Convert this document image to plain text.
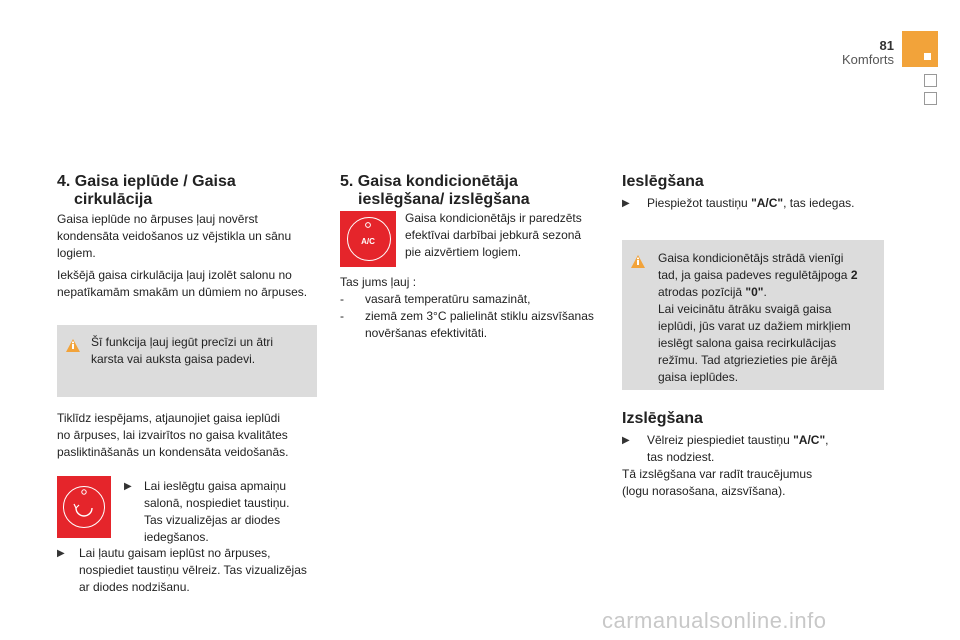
81
Komforts
4. Gaisa ieplūde / Gaisa
cirkulācija
Gaisa ieplūde no ārpuses ļauj novērst
kondensāta veidošanos uz vējstikla un sānu
logiem.
Iekšējā gaisa cirkulācija ļauj izolēt salonu no
nepatīkamām smakām un dūmiem no ārpuses.
Šī funkcija ļauj iegūt precīzi un ātri
karsta vai auksta gaisa padevi.
Tiklīdz iespējams, atjaunojiet gaisa ieplūdi
no ārpuses, lai izvairītos no gaisa kvalitātes
pasliktināšanās un kondensāta veidošanās.
▶ Lai ieslēgtu gaisa apmaiņu
salonā, nospiediet taustiņu.
Tas vizualizējas ar diodes
iedegšanos.
▶ Lai ļautu gaisam ieplūst no ārpuses,
nospiediet taustiņu vēlreiz. Tas vizualizējas
ar diodes nodzišanu.
5. Gaisa kondicionētāja
ieslēgšana/ izslēgšana
A/C
Gaisa kondicionētājs ir paredzēts
efektīvai darbībai jebkurā sezonā
pie aizvērtiem logiem.
Tas jums ļauj :
-	vasarā temperatūru samazināt,
- ziemā zem 3°C palielināt stiklu aizsvīšanas
novēršanas efektivitāti.
Ieslēgšana
▶	Piespiežot taustiņu "A/C", tas iedegas.
Gaisa kondicionētājs strādā vienīgi
tad, ja gaisa padeves regulētājpoga 2
atrodas pozīcijā "0".
Lai veicinātu ātrāku svaigā gaisa
ieplūdi, jūs varat uz dažiem mirkļiem
ieslēgt salona gaisa recirkulācijas
režīmu. Tad atgriezieties pie ārējā
gaisa ieplūdes.
Izslēgšana
▶	Vēlreiz piespiediet taustiņu "A/C",
tas nodziest.
Tā izslēgšana var radīt traucējumus
(logu norasošana, aizsvīšana).
carmanualsonline.info
